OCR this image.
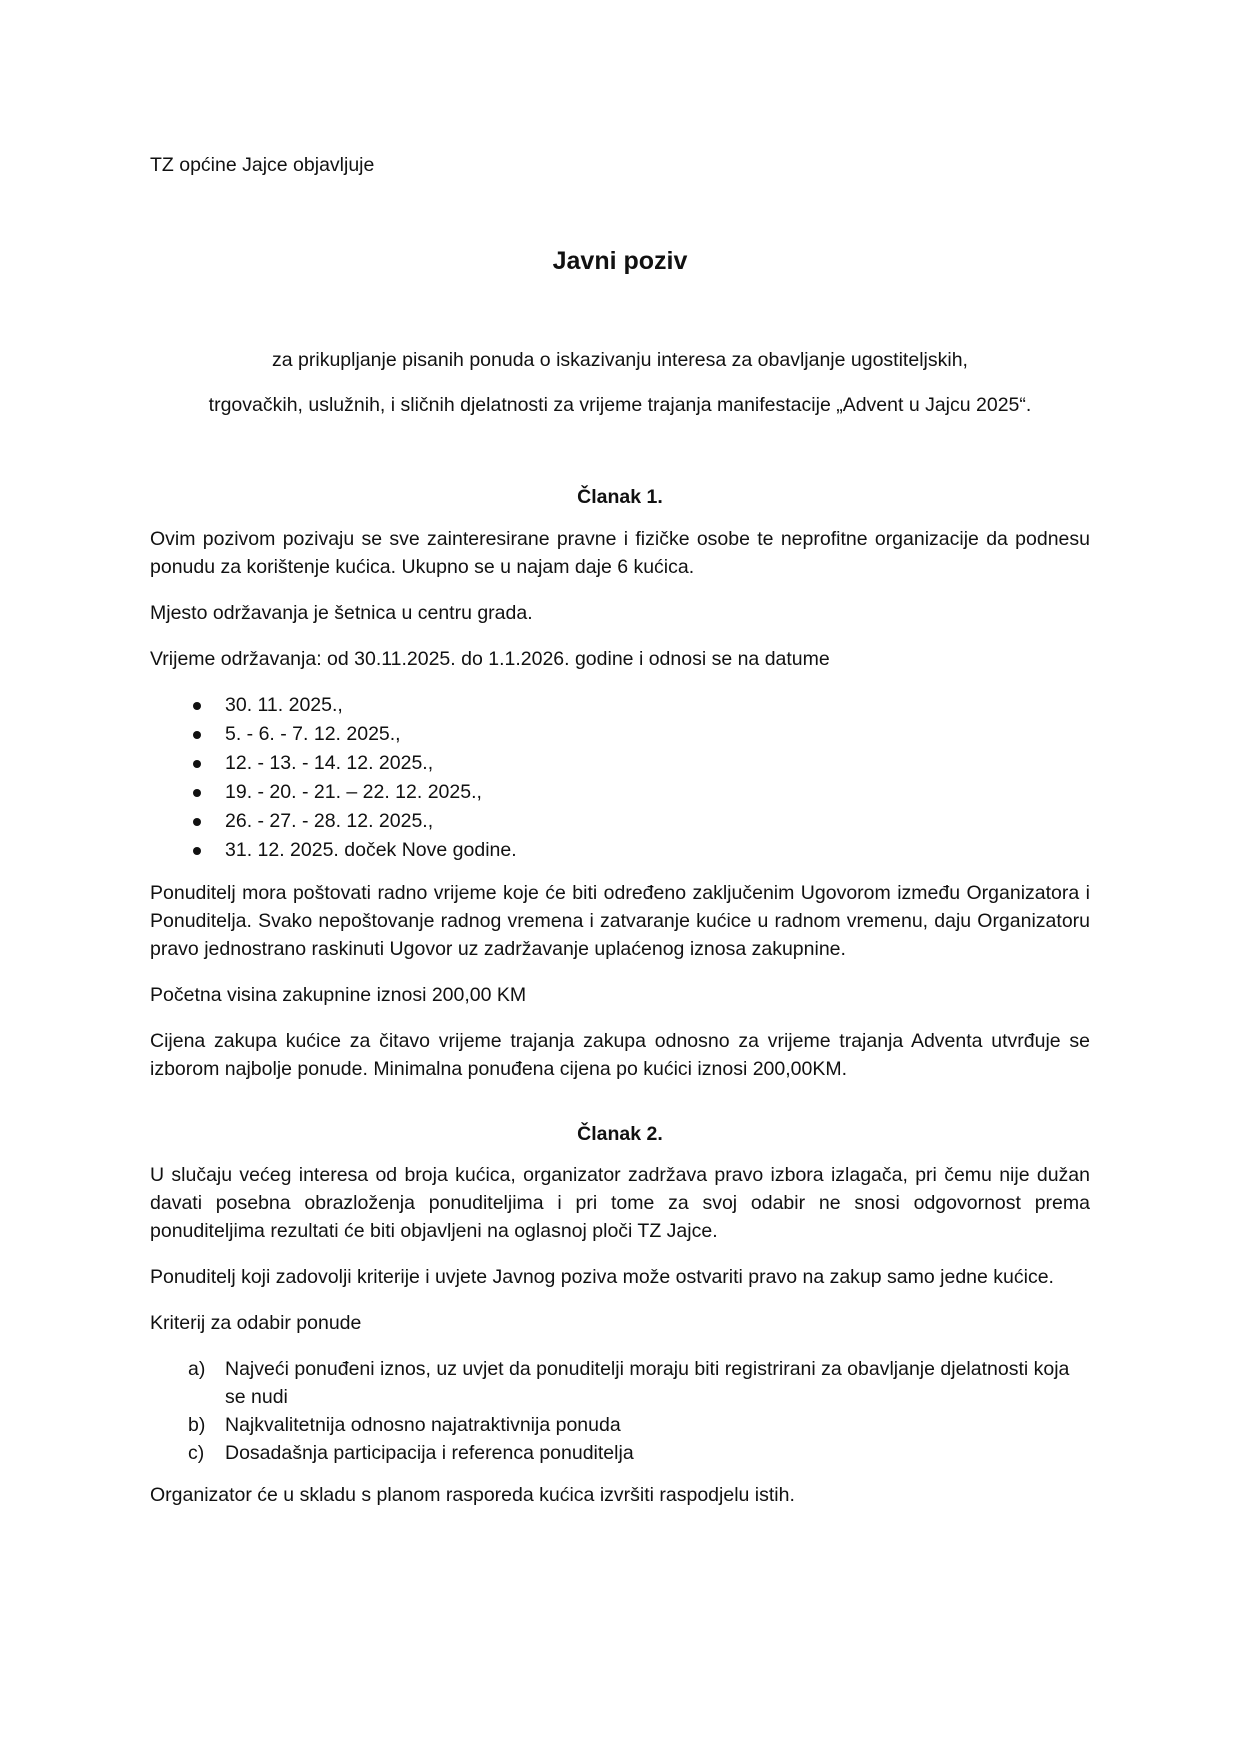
TZ općine Jajce objavljuje
Javni poziv
za prikupljanje pisanih ponuda o iskazivanju interesa za obavljanje ugostiteljskih,
trgovačkih, uslužnih, i sličnih djelatnosti za vrijeme trajanja manifestacije „Advent u Jajcu 2025“.
Članak 1.

Ovim pozivom pozivaju se sve zainteresirane pravne i fizičke osobe te neprofitne organizacije da podnesu ponudu za korištenje kućica. Ukupno se u najam daje 6 kućica.

Mjesto održavanja je šetnica u centru grada.

Vrijeme održavanja: od 30.11.2025. do 1.1.2026. godine i odnosi se na datume

30. 11. 2025.,
5. - 6. - 7. 12. 2025.,
12. - 13. - 14. 12. 2025.,
19. - 20. - 21. – 22. 12. 2025.,
26. - 27. - 28. 12. 2025.,
31. 12. 2025. doček Nove godine.

Ponuditelj mora poštovati radno vrijeme koje će biti određeno zaključenim Ugovorom između Organizatora i Ponuditelja. Svako nepoštovanje radnog vremena i zatvaranje kućice u radnom vremenu, daju Organizatoru pravo jednostrano raskinuti Ugovor uz zadržavanje uplaćenog iznosa zakupnine.

Početna visina zakupnine iznosi 200,00 KM

Cijena zakupa kućice za čitavo vrijeme trajanja zakupa odnosno za vrijeme trajanja Adventa utvrđuje se izborom najbolje ponude. Minimalna ponuđena cijena po kućici iznosi 200,00KM.

Članak 2.

U slučaju većeg interesa od broja kućica, organizator zadržava pravo izbora izlagača, pri čemu nije dužan davati posebna obrazloženja ponuditeljima i pri tome za svoj odabir ne snosi odgovornost prema ponuditeljima rezultati će biti objavljeni na oglasnoj ploči TZ Jajce.

Ponuditelj koji zadovolji kriterije i uvjete Javnog poziva može ostvariti pravo na zakup samo jedne kućice.

Kriterij za odabir ponude

a) Najveći ponuđeni iznos, uz uvjet da ponuditelji moraju biti registrirani za obavljanje djelatnosti koja se nudi
b) Najkvalitetnija odnosno najatraktivnija ponuda
c) Dosadašnja participacija i referenca ponuditelja

Organizator će u skladu s planom rasporeda kućica izvršiti raspodjelu istih.
